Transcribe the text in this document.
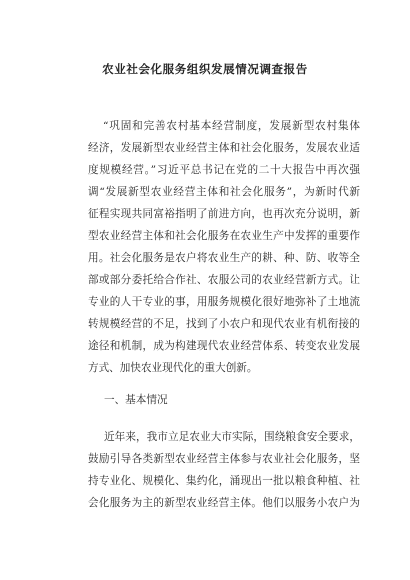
农业社会化服务组织发展情况调查报告
“巩固和完善农村基本经营制度，发展新型农村集体
经济，发展新型农业经营主体和社会化服务，发展农业适
度规模经营。”习近平总书记在党的二十大报告中再次强
调“发展新型农业经营主体和社会化服务”，为新时代新
征程实现共同富裕指明了前进方向，也再次充分说明，新
型农业经营主体和社会化服务在农业生产中发挥的重要作
用。社会化服务是农户将农业生产的耕、种、防、收等全
部或部分委托给合作社、农服公司的农业经营新方式。让
专业的人干专业的事，用服务规模化很好地弥补了土地流
转规模经营的不足，找到了小农户和现代农业有机衔接的
途径和机制，成为构建现代农业经营体系、转变农业发展
方式、加快农业现代化的重大创新。
一、基本情况
近年来，我市立足农业大市实际，围绕粮食安全要求，
鼓励引导各类新型农业经营主体参与农业社会化服务，坚
持专业化、规模化、集约化，涌现出一批以粮食种植、社
会化服务为主的新型农业经营主体。他们以服务小农户为
